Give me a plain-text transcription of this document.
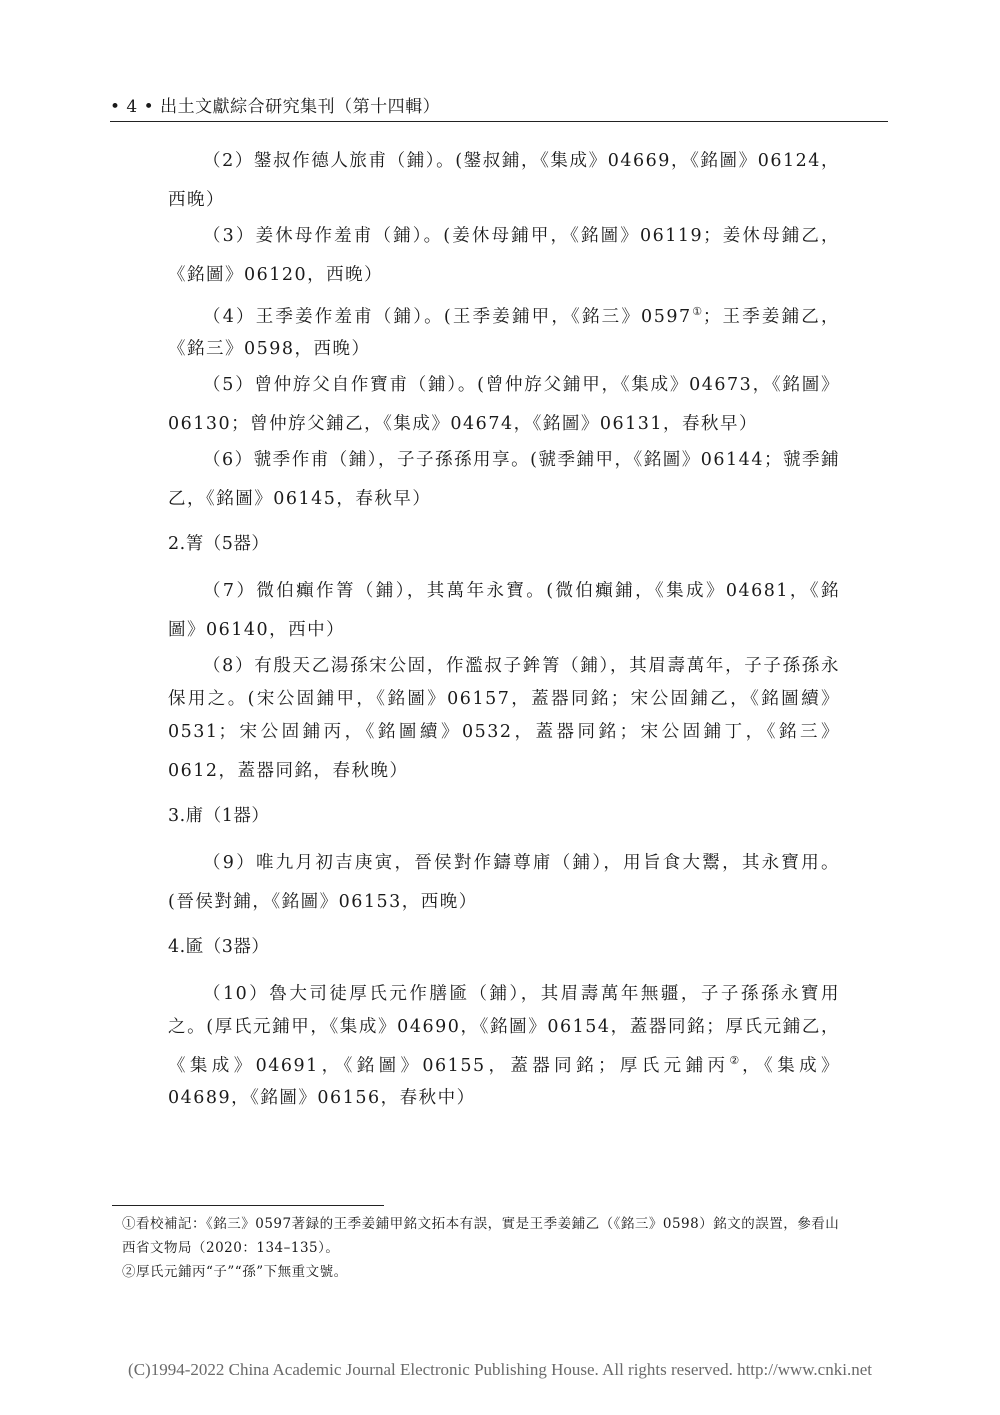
• 4 • 出土文獻綜合研究集刊（第十四輯）

（2）鎜叔作德人旅甫（鋪）。(鎜叔鋪，《集成》04669，《銘圖》06124，西晚）

（3）姜休母作羞甫（鋪）。(姜休母鋪甲，《銘圖》06119；姜休母鋪乙，《銘圖》06120，西晚）

（4）王季姜作羞甫（鋪）。(王季姜鋪甲，《銘三》0597①；王季姜鋪乙，《銘三》0598，西晚）

（5）曾仲斿父自作寶甫（鋪）。(曾仲斿父鋪甲，《集成》04673，《銘圖》06130；曾仲斿父鋪乙，《集成》04674，《銘圖》06131，春秋早）

（6）虢季作甫（鋪），子子孫孫用享。(虢季鋪甲，《銘圖》06144；虢季鋪乙，《銘圖》06145，春秋早）

2.箐（5器）

（7）微伯癲作箐（鋪），其萬年永寶。(微伯癲鋪，《集成》04681，《銘圖》06140，西中）

（8）有殷天乙湯孫宋公固，作濫叔子鉾箐（鋪），其眉壽萬年，子子孫孫永保用之。(宋公固鋪甲，《銘圖》06157，蓋器同銘；宋公固鋪乙，《銘圖續》0531；宋公固鋪丙，《銘圖續》0532，蓋器同銘；宋公固鋪丁，《銘三》0612，蓋器同銘，春秋晚）

3.庯（1器）

（9）唯九月初吉庚寅，晉侯對作鑄尊庯（鋪），用旨食大鬻，其永寶用。(晉侯對鋪，《銘圖》06153，西晚）

4.匬（3器）

（10）魯大司徒厚氏元作膳匬（鋪），其眉壽萬年無疆，子子孫孫永寶用之。(厚氏元鋪甲，《集成》04690，《銘圖》06154，蓋器同銘；厚氏元鋪乙，《集成》04691，《銘圖》06155，蓋器同銘；厚氏元鋪丙②，《集成》04689，《銘圖》06156，春秋中）

①看校補記：《銘三》0597著録的王季姜鋪甲銘文拓本有誤，實是王季姜鋪乙（《銘三》0598）銘文的誤置，參看山西省文物局（2020：134–135）。

②厚氏元鋪丙“子”“孫”下無重文號。

(C)1994-2022 China Academic Journal Electronic Publishing House. All rights reserved. http://www.cnki.net
